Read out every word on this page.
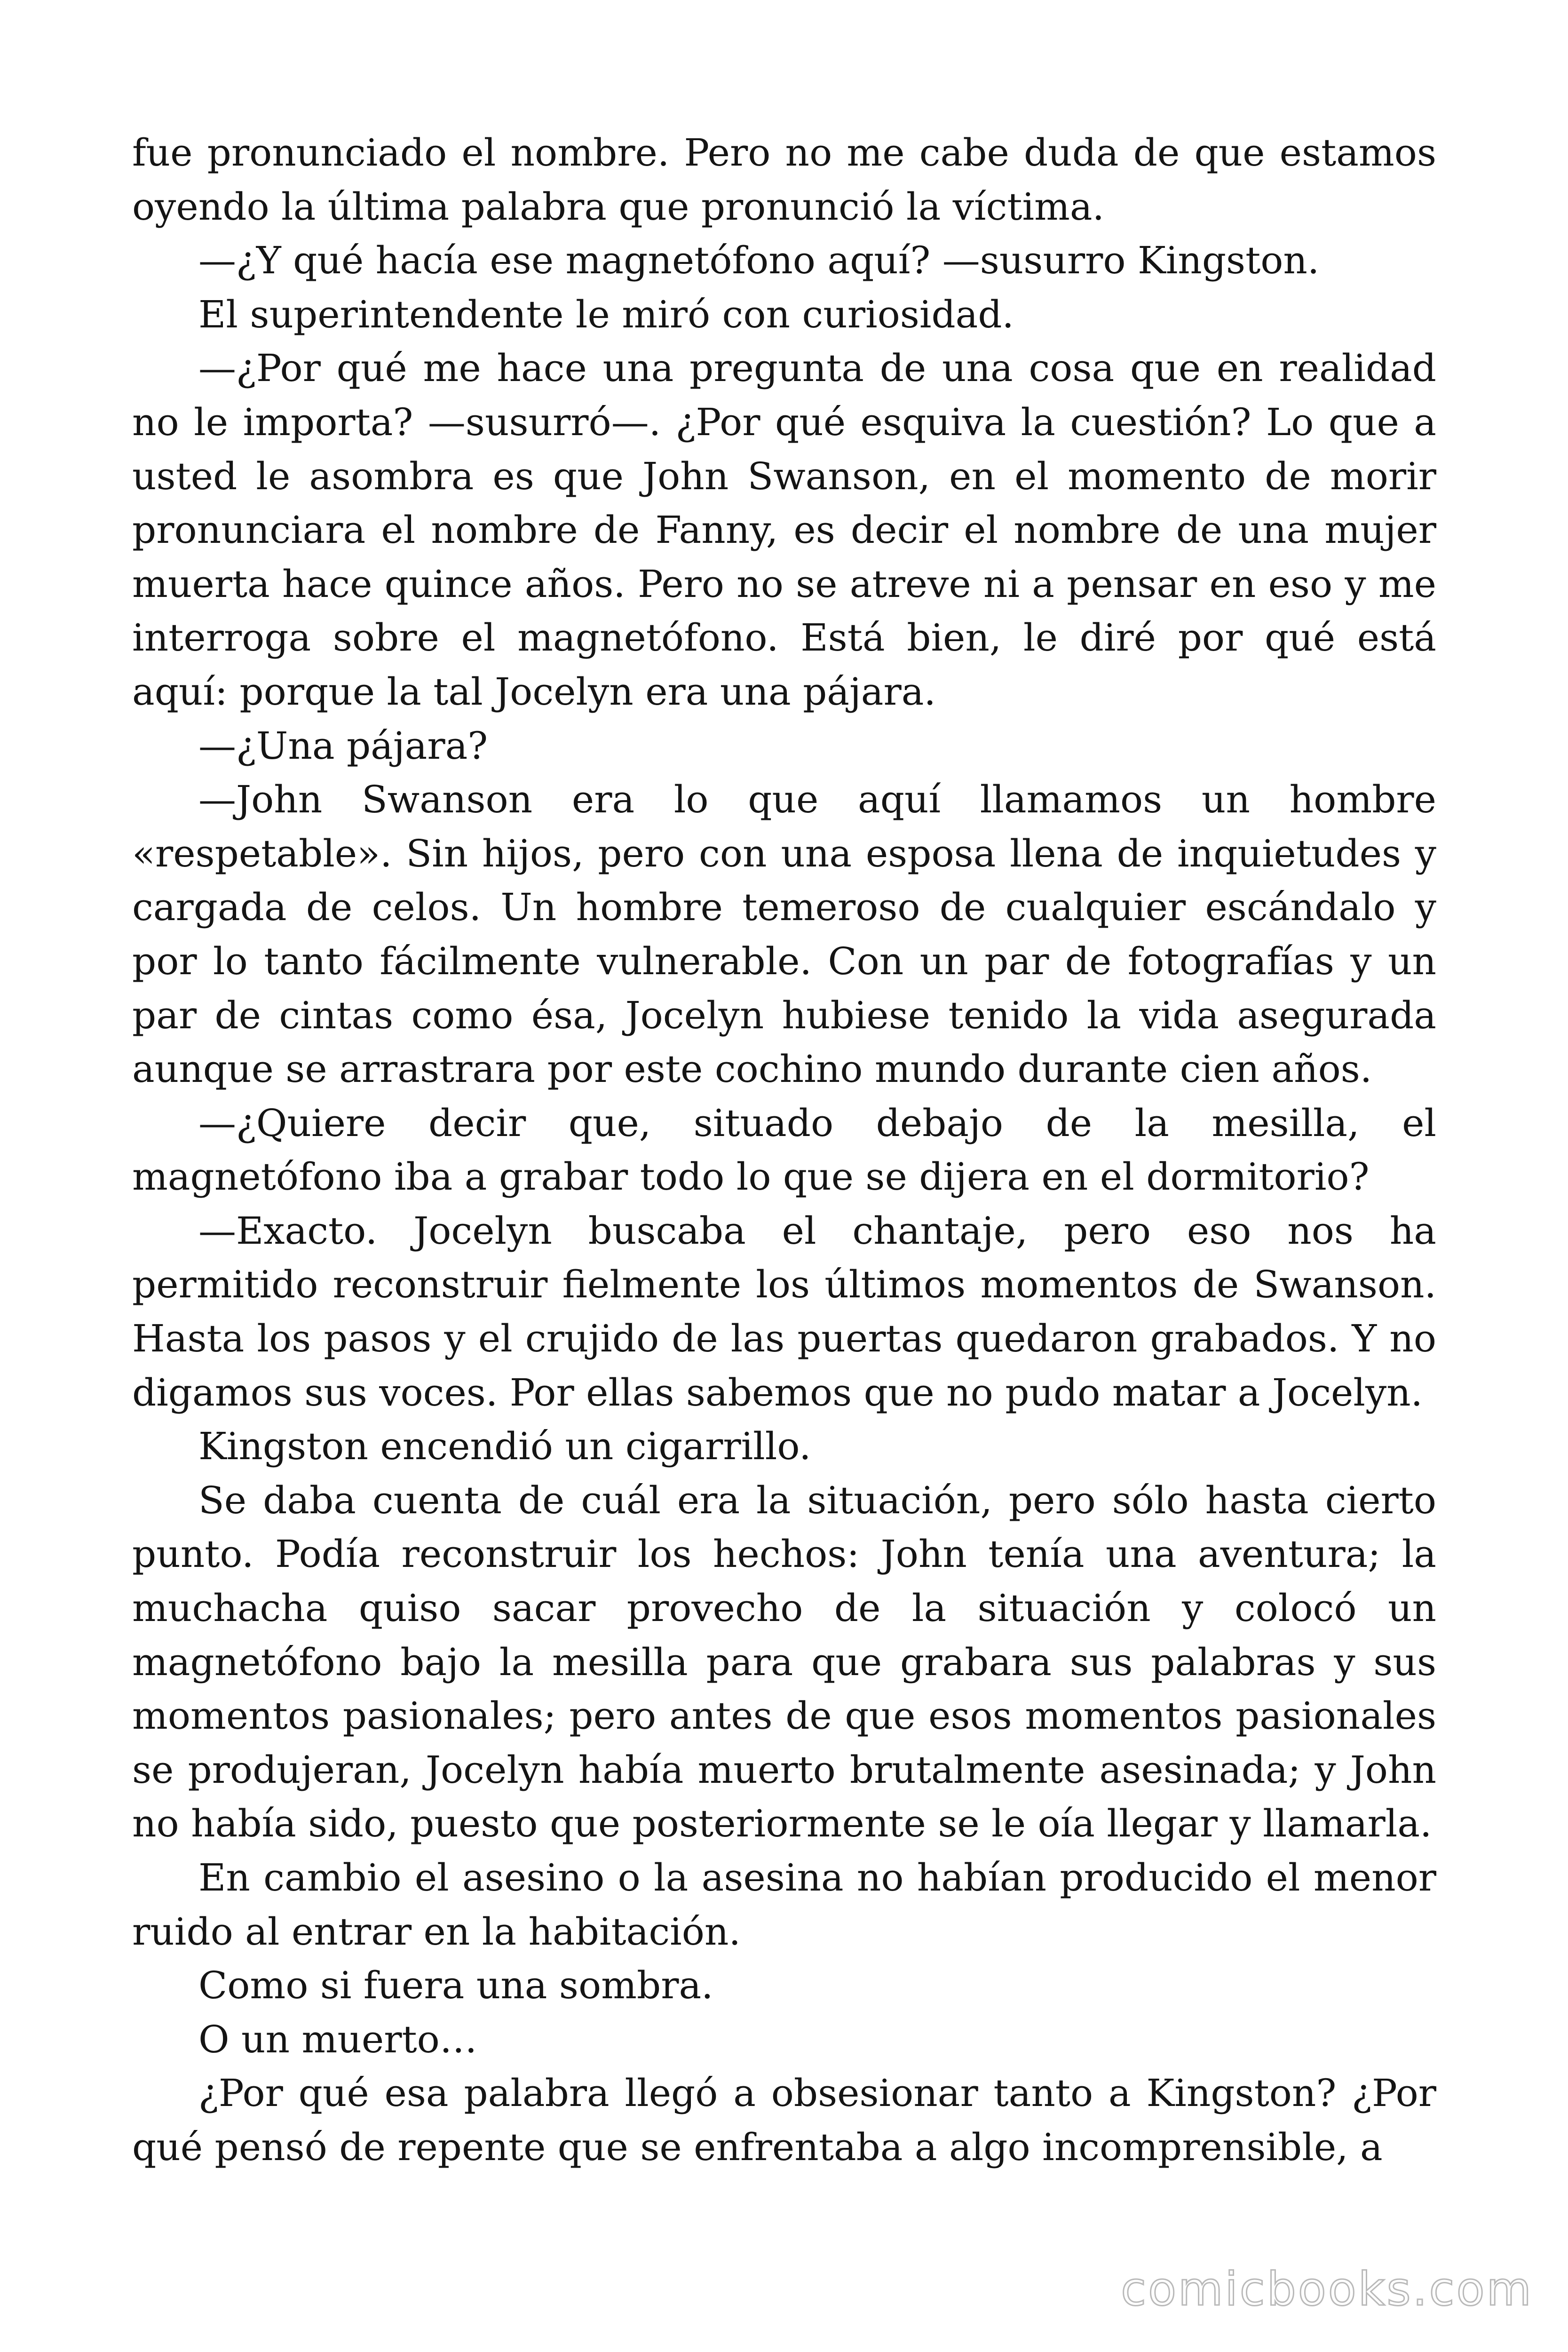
fue pronunciado el nombre. Pero no me cabe duda de que estamos oyendo la última palabra que pronunció la víctima.

—¿Y qué hacía ese magnetófono aquí? —susurro Kingston.

El superintendente le miró con curiosidad.

—¿Por qué me hace una pregunta de una cosa que en realidad no le importa? —susurró—. ¿Por qué esquiva la cuestión? Lo que a usted le asombra es que John Swanson, en el momento de morir pronunciara el nombre de Fanny, es decir el nombre de una mujer muerta hace quince años. Pero no se atreve ni a pensar en eso y me interroga sobre el magnetófono. Está bien, le diré por qué está aquí: porque la tal Jocelyn era una pájara.

—¿Una pájara?

—John Swanson era lo que aquí llamamos un hombre «respetable». Sin hijos, pero con una esposa llena de inquietudes y cargada de celos. Un hombre temeroso de cualquier escándalo y por lo tanto fácilmente vulnerable. Con un par de fotografías y un par de cintas como ésa, Jocelyn hubiese tenido la vida asegurada aunque se arrastrara por este cochino mundo durante cien años.

—¿Quiere decir que, situado debajo de la mesilla, el magnetófono iba a grabar todo lo que se dijera en el dormitorio?

—Exacto. Jocelyn buscaba el chantaje, pero eso nos ha permitido reconstruir fielmente los últimos momentos de Swanson. Hasta los pasos y el crujido de las puertas quedaron grabados. Y no digamos sus voces. Por ellas sabemos que no pudo matar a Jocelyn.

Kingston encendió un cigarrillo.

Se daba cuenta de cuál era la situación, pero sólo hasta cierto punto. Podía reconstruir los hechos: John tenía una aventura; la muchacha quiso sacar provecho de la situación y colocó un magnetófono bajo la mesilla para que grabara sus palabras y sus momentos pasionales; pero antes de que esos momentos pasionales se produjeran, Jocelyn había muerto brutalmente asesinada; y John no había sido, puesto que posteriormente se le oía llegar y llamarla.

En cambio el asesino o la asesina no habían producido el menor ruido al entrar en la habitación.

Como si fuera una sombra.

O un muerto…

¿Por qué esa palabra llegó a obsesionar tanto a Kingston? ¿Por qué pensó de repente que se enfrentaba a algo incomprensible, a

comicbooks.com
